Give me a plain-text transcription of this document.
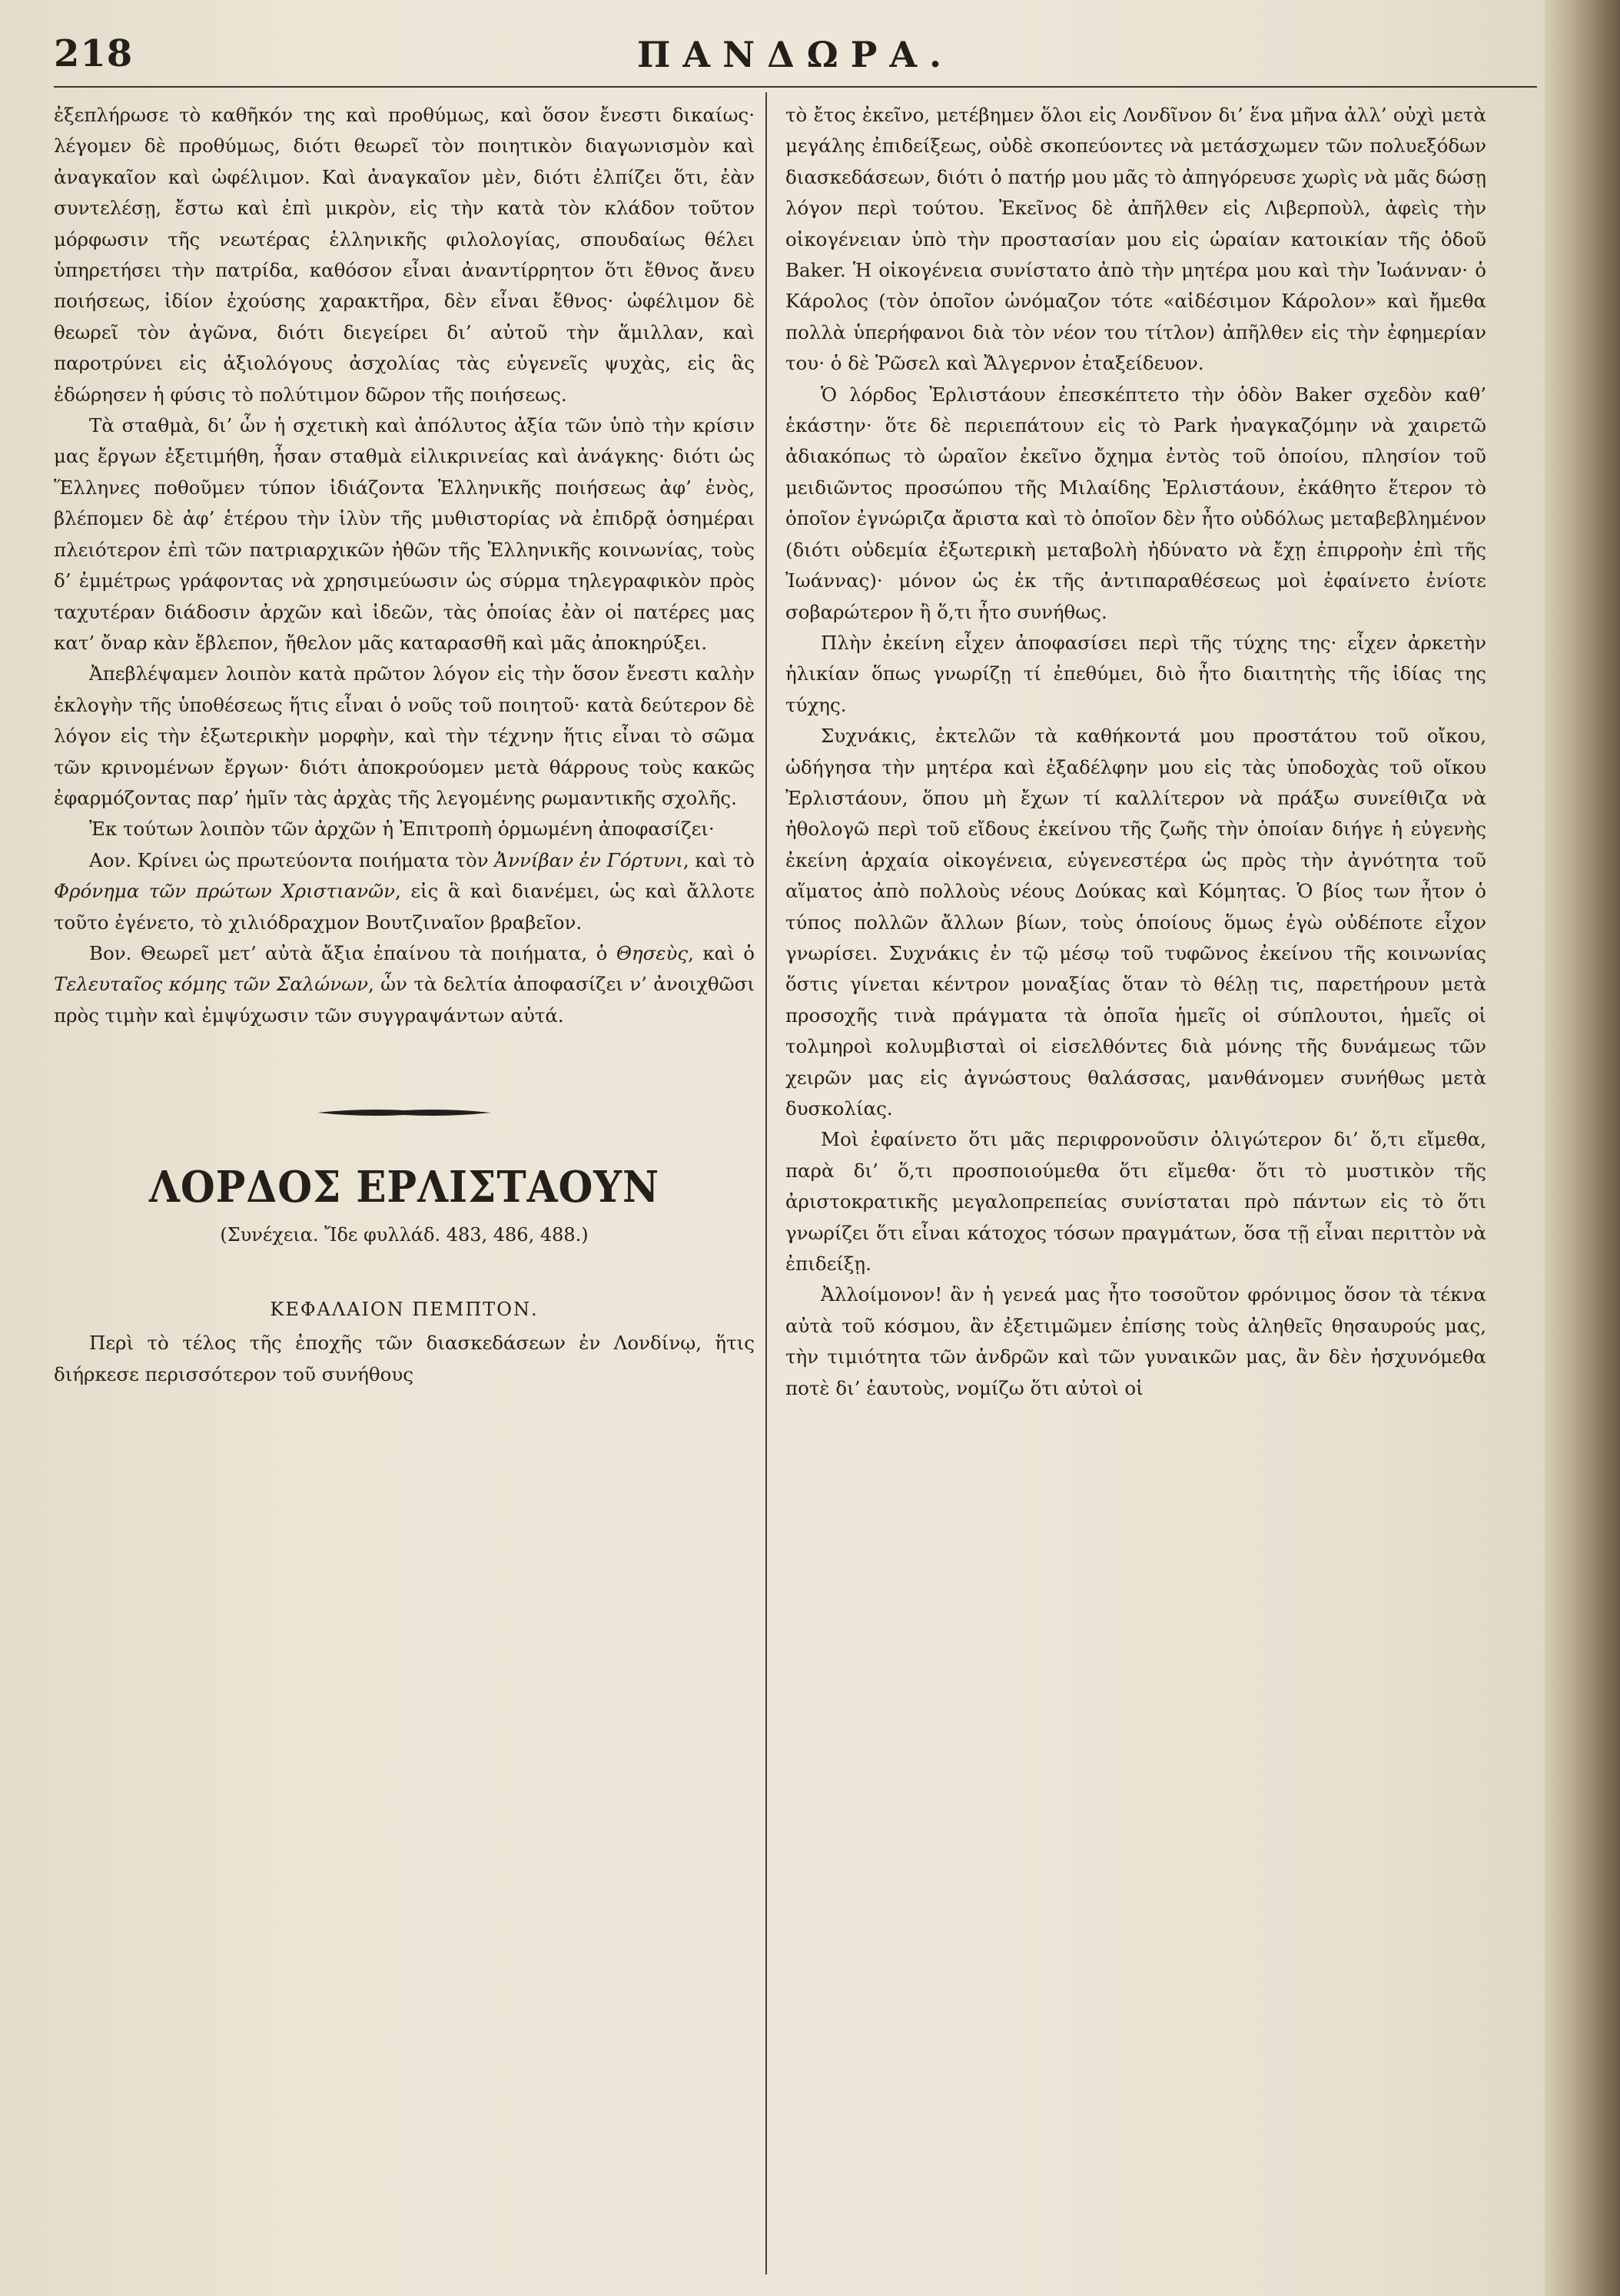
218	ΠΑΝΔΩΡΑ.

ἐξεπλήρωσε τὸ καθῆκόν της καὶ προθύμως, καὶ ὅσον ἔνεστι δικαίως· λέγομεν δὲ προθύμως, διότι θεωρεῖ τὸν ποιητικὸν διαγωνισμὸν καὶ ἀναγκαῖον καὶ ὠφέλιμον. Καὶ ἀναγκαῖον μὲν, διότι ἐλπίζει ὅτι, ἐὰν συντελέσῃ, ἔστω καὶ ἐπὶ μικρὸν, εἰς τὴν κατὰ τὸν κλάδον τοῦτον μόρφωσιν τῆς νεωτέρας ἑλληνικῆς φιλολογίας, σπουδαίως θέλει ὑπηρετήσει τὴν πατρίδα, καθόσον εἶναι ἀναντίρρητον ὅτι ἔθνος ἄνευ ποιήσεως, ἰδίον ἐχούσης χαρακτῆρα, δὲν εἶναι ἔθνος· ὠφέλιμον δὲ θεωρεῖ τὸν ἀγῶνα, διότι διεγείρει δι’ αὐτοῦ τὴν ἅμιλλαν, καὶ παροτρύνει εἰς ἀξιολόγους ἀσχολίας τὰς εὐγενεῖς ψυχὰς, εἰς ἃς ἐδώρησεν ἡ φύσις τὸ πολύτιμον δῶρον τῆς ποιήσεως.

Τὰ σταθμὰ, δι’ ὧν ἡ σχετικὴ καὶ ἀπόλυτος ἀξία τῶν ὑπὸ τὴν κρίσιν μας ἔργων ἐξετιμήθη, ἦσαν σταθμὰ εἰλικρινείας καὶ ἀνάγκης· διότι ὡς Ἕλληνες ποθοῦμεν τύπον ἰδιάζοντα Ἑλληνικῆς ποιήσεως ἀφ’ ἑνὸς, βλέπομεν δὲ ἀφ’ ἑτέρου τὴν ἰλὺν τῆς μυθιστορίας νὰ ἐπιδρᾷ ὁσημέραι πλειότερον ἐπὶ τῶν πατριαρχικῶν ἠθῶν τῆς Ἑλληνικῆς κοινωνίας, τοὺς δ’ ἐμμέτρως γράφοντας νὰ χρησιμεύωσιν ὡς σύρμα τηλεγραφικὸν πρὸς ταχυτέραν διάδοσιν ἀρχῶν καὶ ἰδεῶν, τὰς ὁποίας ἐὰν οἱ πατέρες μας κατ’ ὄναρ κὰν ἔβλεπον, ἤθελον μᾶς καταρασθῆ καὶ μᾶς ἀποκηρύξει.

Ἀπεβλέψαμεν λοιπὸν κατὰ πρῶτον λόγον εἰς τὴν ὅσον ἔνεστι καλὴν ἐκλογὴν τῆς ὑποθέσεως ἥτις εἶναι ὁ νοῦς τοῦ ποιητοῦ· κατὰ δεύτερον δὲ λόγον εἰς τὴν ἐξωτερικὴν μορφὴν, καὶ τὴν τέχνην ἥτις εἶναι τὸ σῶμα τῶν κρινομένων ἔργων· διότι ἀποκρούομεν μετὰ θάρρους τοὺς κακῶς ἐφαρμόζοντας παρ’ ἡμῖν τὰς ἀρχὰς τῆς λεγομένης ρωμαντικῆς σχολῆς.

Ἐκ τούτων λοιπὸν τῶν ἀρχῶν ἡ Ἐπιτροπὴ ὁρμωμένη ἀποφασίζει·

Αον. Κρίνει ὡς πρωτεύοντα ποιήματα τὸν Ἀννίβαν ἐν Γόρτυνι, καὶ τὸ Φρόνημα τῶν πρώτων Χριστιανῶν, εἰς ἃ καὶ διανέμει, ὡς καὶ ἄλλοτε τοῦτο ἐγένετο, τὸ χιλιόδραχμον Βουτζιναῖον βραβεῖον.

Βον. Θεωρεῖ μετ’ αὐτὰ ἄξια ἐπαίνου τὰ ποιήματα, ὁ Θησεὺς, καὶ ὁ Τελευταῖος κόμης τῶν Σαλώνων, ὧν τὰ δελτία ἀποφασίζει ν’ ἀνοιχθῶσι πρὸς τιμὴν καὶ ἐμψύχωσιν τῶν συγγραψάντων αὐτά.

ΛΟΡΔΟΣ ΕΡΛΙΣΤΑΟΥΝ
(Συνέχεια. Ἴδε φυλλάδ. 483, 486, 488.)
ΚΕΦΑΛΑΙΟΝ ΠΕΜΠΤΟΝ.

Περὶ τὸ τέλος τῆς ἐποχῆς τῶν διασκεδάσεων ἐν Λονδίνῳ, ἥτις διήρκεσε περισσότερον τοῦ συνήθους

τὸ ἔτος ἐκεῖνο, μετέβημεν ὅλοι εἰς Λονδῖνον δι’ ἕνα μῆνα ἀλλ’ οὐχὶ μετὰ μεγάλης ἐπιδείξεως, οὐδὲ σκοπεύοντες νὰ μετάσχωμεν τῶν πολυεξόδων διασκεδάσεων, διότι ὁ πατήρ μου μᾶς τὸ ἀπηγόρευσε χωρὶς νὰ μᾶς δώσῃ λόγον περὶ τούτου. Ἐκεῖνος δὲ ἀπῆλθεν εἰς Λιβερποὺλ, ἀφεὶς τὴν οἰκογένειαν ὑπὸ τὴν προστασίαν μου εἰς ὡραίαν κατοικίαν τῆς ὁδοῦ Baker. Ἡ οἰκογένεια συνίστατο ἀπὸ τὴν μητέρα μου καὶ τὴν Ἰωάνναν· ὁ Κάρολος (τὸν ὁποῖον ὠνόμαζον τότε «αἰδέσιμον Κάρολον» καὶ ἤμεθα πολλὰ ὑπερήφανοι διὰ τὸν νέον του τίτλον) ἀπῆλθεν εἰς τὴν ἐφημερίαν του· ὁ δὲ Ῥῶσελ καὶ Ἄλγερνον ἐταξείδευον.

Ὁ λόρδος Ἐρλιστάουν ἐπεσκέπτετο τὴν ὁδὸν Baker σχεδὸν καθ’ ἑκάστην· ὅτε δὲ περιεπάτουν εἰς τὸ Park ἠναγκαζόμην νὰ χαιρετῶ ἀδιακόπως τὸ ὡραῖον ἐκεῖνο ὄχημα ἐντὸς τοῦ ὁποίου, πλησίον τοῦ μειδιῶντος προσώπου τῆς Μιλαίδης Ἐρλιστάουν, ἐκάθητο ἕτερον τὸ ὁποῖον ἐγνώριζα ἄριστα καὶ τὸ ὁποῖον δὲν ἦτο οὐδόλως μεταβεβλημένον (διότι οὐδεμία ἐξωτερικὴ μεταβολὴ ἠδύνατο νὰ ἔχῃ ἐπιρροὴν ἐπὶ τῆς Ἰωάννας)· μόνον ὡς ἐκ τῆς ἀντιπαραθέσεως μοὶ ἐφαίνετο ἐνίοτε σοβαρώτερον ἢ ὅ,τι ἦτο συνήθως.

Πλὴν ἐκείνη εἶχεν ἀποφασίσει περὶ τῆς τύχης της· εἶχεν ἀρκετὴν ἡλικίαν ὅπως γνωρίζῃ τί ἐπεθύμει, διὸ ἦτο διαιτητὴς τῆς ἰδίας της τύχης.

Συχνάκις, ἐκτελῶν τὰ καθήκοντά μου προστάτου τοῦ οἴκου, ὡδήγησα τὴν μητέρα καὶ ἐξαδέλφην μου εἰς τὰς ὑποδοχὰς τοῦ οἴκου Ἐρλιστάουν, ὅπου μὴ ἔχων τί καλλίτερον νὰ πράξω συνείθιζα νὰ ἠθολογῶ περὶ τοῦ εἴδους ἐκείνου τῆς ζωῆς τὴν ὁποίαν διήγε ἡ εὐγενὴς ἐκείνη ἀρχαία οἰκογένεια, εὐγενεστέρα ὡς πρὸς τὴν ἀγνότητα τοῦ αἵματος ἀπὸ πολλοὺς νέους Δούκας καὶ Κόμητας. Ὁ βίος των ἦτον ὁ τύπος πολλῶν ἄλλων βίων, τοὺς ὁποίους ὅμως ἐγὼ οὐδέποτε εἶχον γνωρίσει. Συχνάκις ἐν τῷ μέσῳ τοῦ τυφῶνος ἐκείνου τῆς κοινωνίας ὅστις γίνεται κέντρον μοναξίας ὅταν τὸ θέλῃ τις, παρετήρουν μετὰ προσοχῆς τινὰ πράγματα τὰ ὁποῖα ἡμεῖς οἱ σύπλουτοι, ἡμεῖς οἱ τολμηροὶ κολυμβισταὶ οἱ εἰσελθόντες διὰ μόνης τῆς δυνάμεως τῶν χειρῶν μας εἰς ἀγνώστους θαλάσσας, μανθάνομεν συνήθως μετὰ δυσκολίας.

Μοὶ ἐφαίνετο ὅτι μᾶς περιφρονοῦσιν ὀλιγώτερον δι’ ὅ,τι εἴμεθα, παρὰ δι’ ὅ,τι προσποιούμεθα ὅτι εἴμεθα· ὅτι τὸ μυστικὸν τῆς ἀριστοκρατικῆς μεγαλοπρεπείας συνίσταται πρὸ πάντων εἰς τὸ ὅτι γνωρίζει ὅτι εἶναι κάτοχος τόσων πραγμάτων, ὅσα τῇ εἶναι περιττὸν νὰ ἐπιδείξῃ.

Ἀλλοίμονον! ἂν ἡ γενεά μας ἦτο τοσοῦτον φρόνιμος ὅσον τὰ τέκνα αὐτὰ τοῦ κόσμου, ἂν ἐξετιμῶμεν ἐπίσης τοὺς ἀληθεῖς θησαυρούς μας, τὴν τιμιότητα τῶν ἀνδρῶν καὶ τῶν γυναικῶν μας, ἂν δὲν ἠσχυνόμεθα ποτὲ δι’ ἑαυτοὺς, νομίζω ὅτι αὐτοὶ οἱ
